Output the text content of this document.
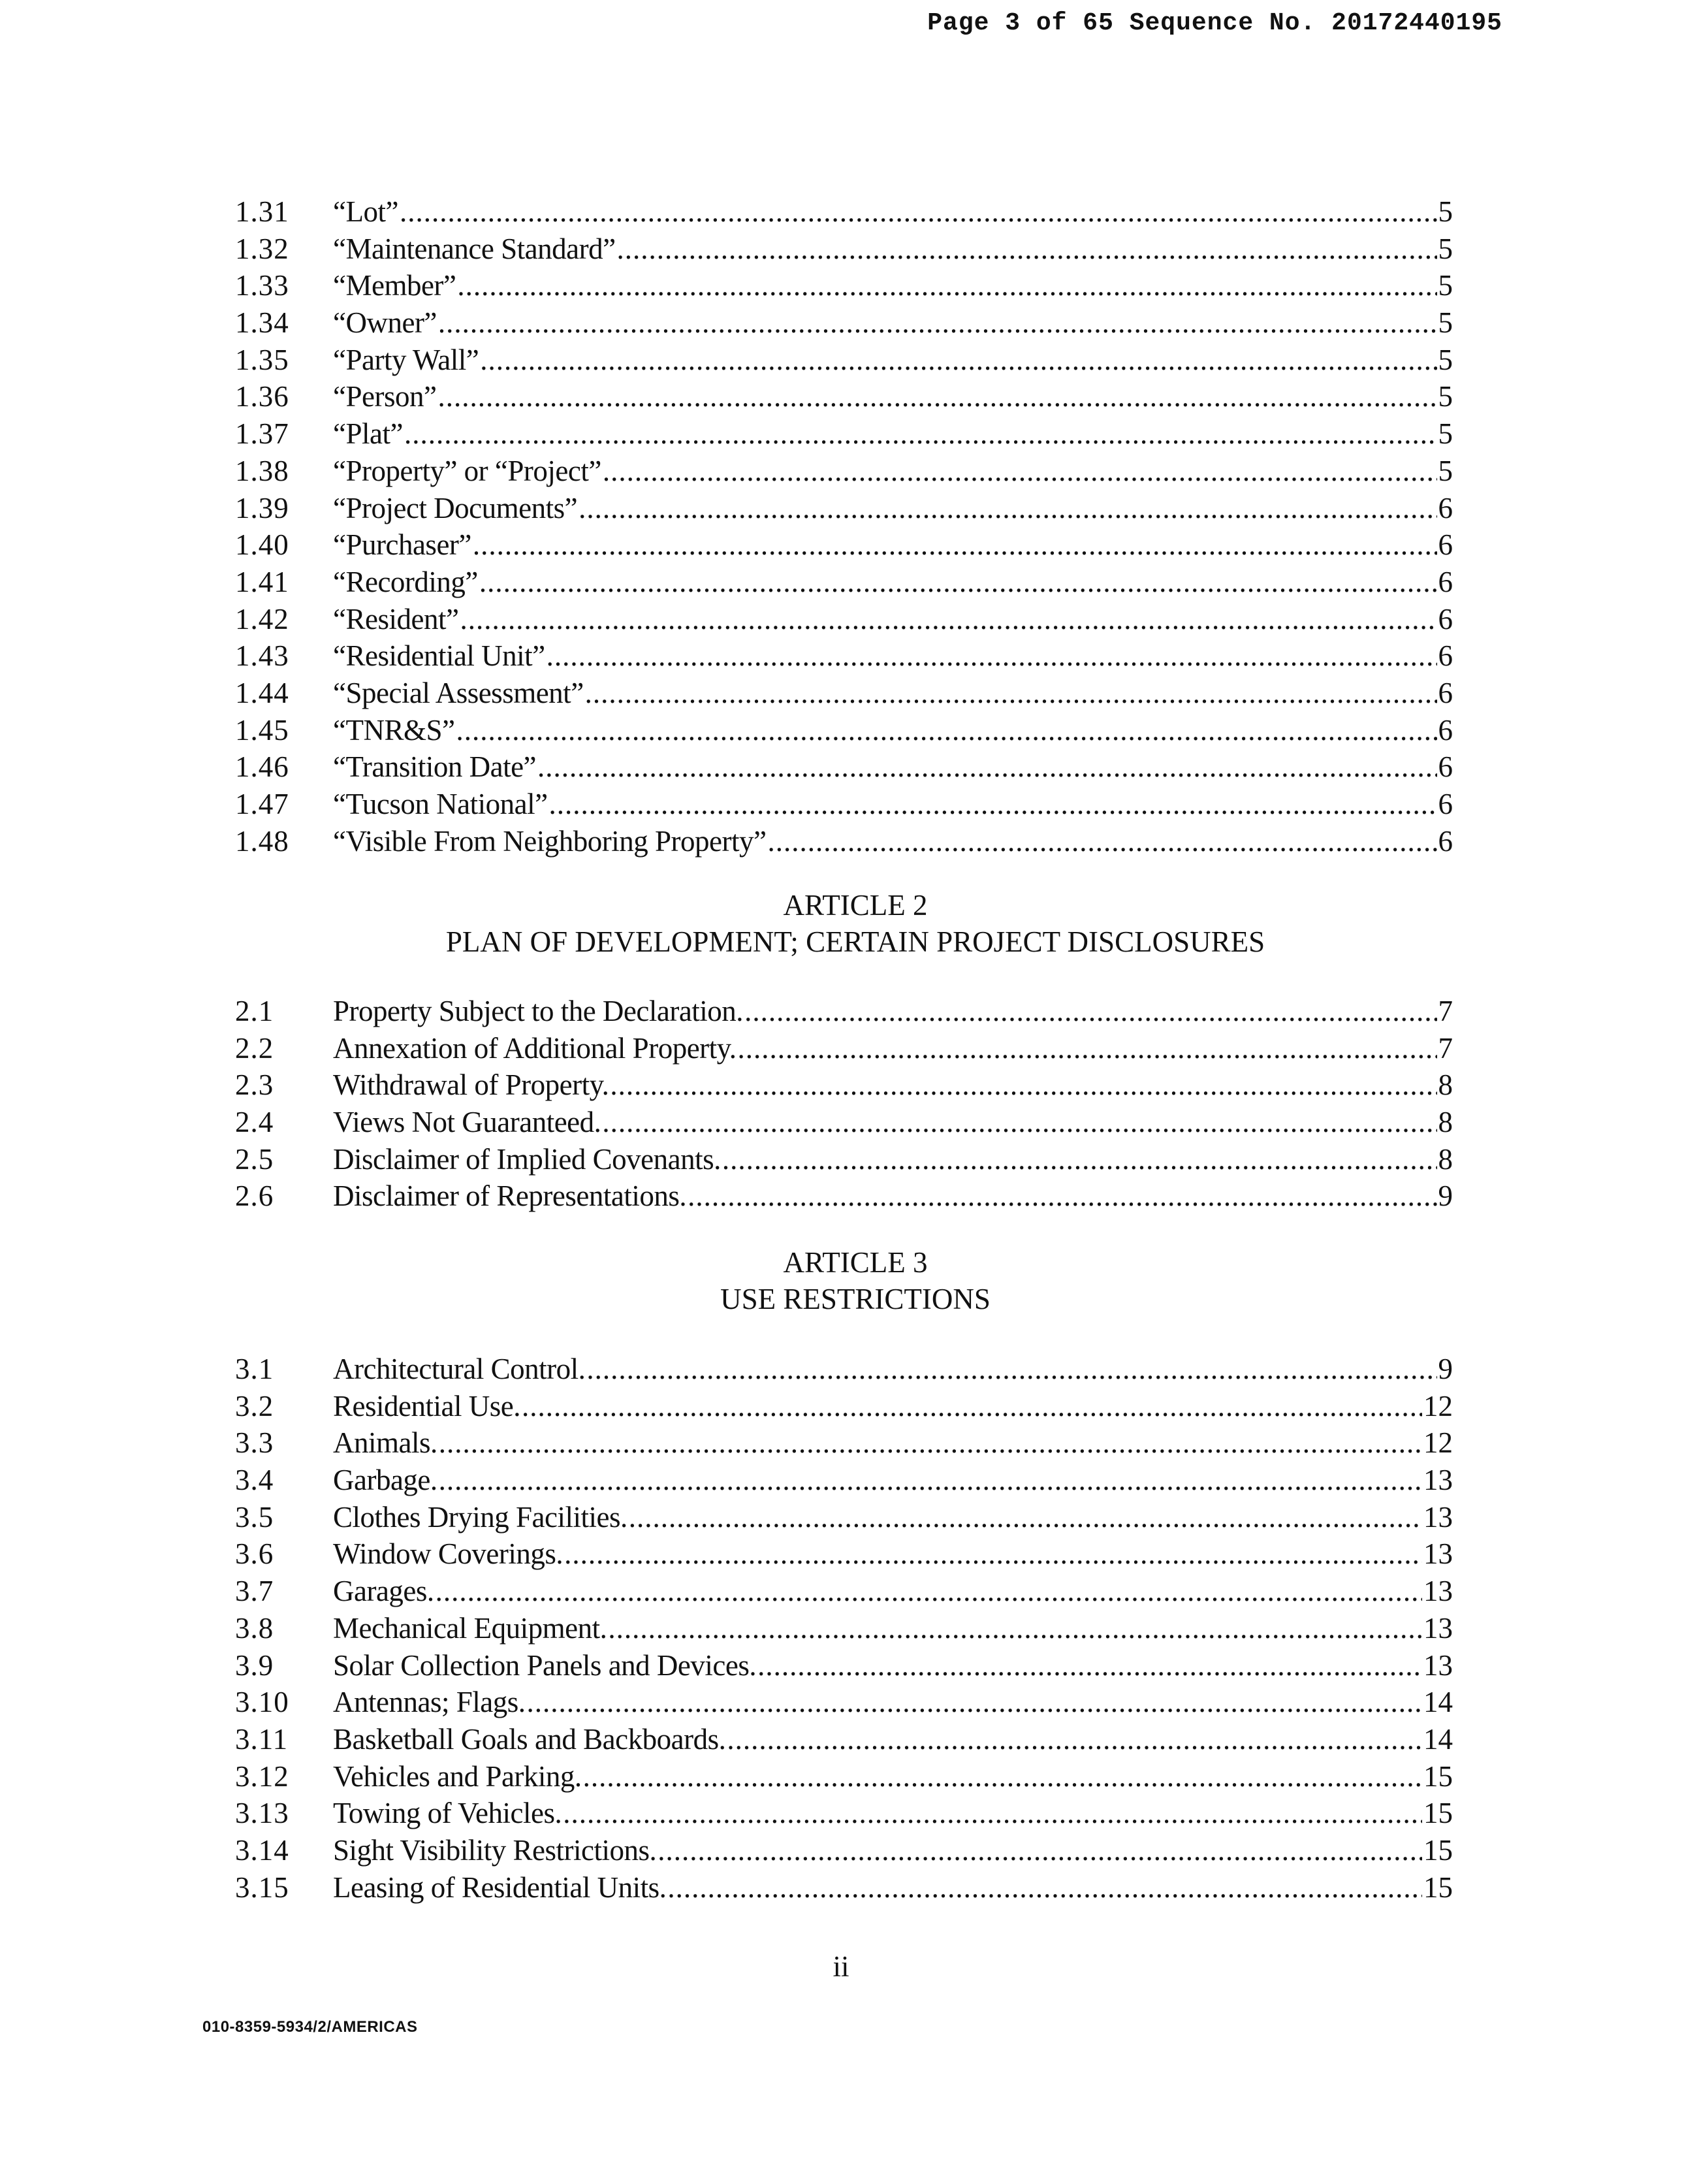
Page 3 of 65 Sequence No. 20172440195
1.31	“Lot” .....	5
1.32	“Maintenance Standard” .....	5
1.33	“Member” .....	5
1.34	“Owner” .....	5
1.35	“Party Wall” .....	5
1.36	“Person” .....	5
1.37	“Plat” .....	5
1.38	“Property” or “Project” .....	5
1.39	“Project Documents” .....	6
1.40	“Purchaser” .....	6
1.41	“Recording” .....	6
1.42	“Resident” .....	6
1.43	“Residential Unit” .....	6
1.44	“Special Assessment” .....	6
1.45	“TNR&S” .....	6
1.46	“Transition Date” .....	6
1.47	“Tucson National” .....	6
1.48	“Visible From Neighboring Property” .....	6
ARTICLE 2
PLAN OF DEVELOPMENT; CERTAIN PROJECT DISCLOSURES
2.1	Property Subject to the Declaration. .....	7
2.2	Annexation of Additional Property. .....	7
2.3	Withdrawal of Property. .....	8
2.4	Views Not Guaranteed. .....	8
2.5	Disclaimer of Implied Covenants. .....	8
2.6	Disclaimer of Representations. .....	9
ARTICLE 3
USE RESTRICTIONS
3.1	Architectural Control. .....	9
3.2	Residential Use. .....	12
3.3	Animals. .....	12
3.4	Garbage. .....	13
3.5	Clothes Drying Facilities. .....	13
3.6	Window Coverings. .....	13
3.7	Garages. .....	13
3.8	Mechanical Equipment. .....	13
3.9	Solar Collection Panels and Devices. .....	13
3.10	Antennas; Flags. .....	14
3.11	Basketball Goals and Backboards. .....	14
3.12	Vehicles and Parking. .....	15
3.13	Towing of Vehicles. .....	15
3.14	Sight Visibility Restrictions. .....	15
3.15	Leasing of Residential Units. .....	15
ii
010-8359-5934/2/AMERICAS
